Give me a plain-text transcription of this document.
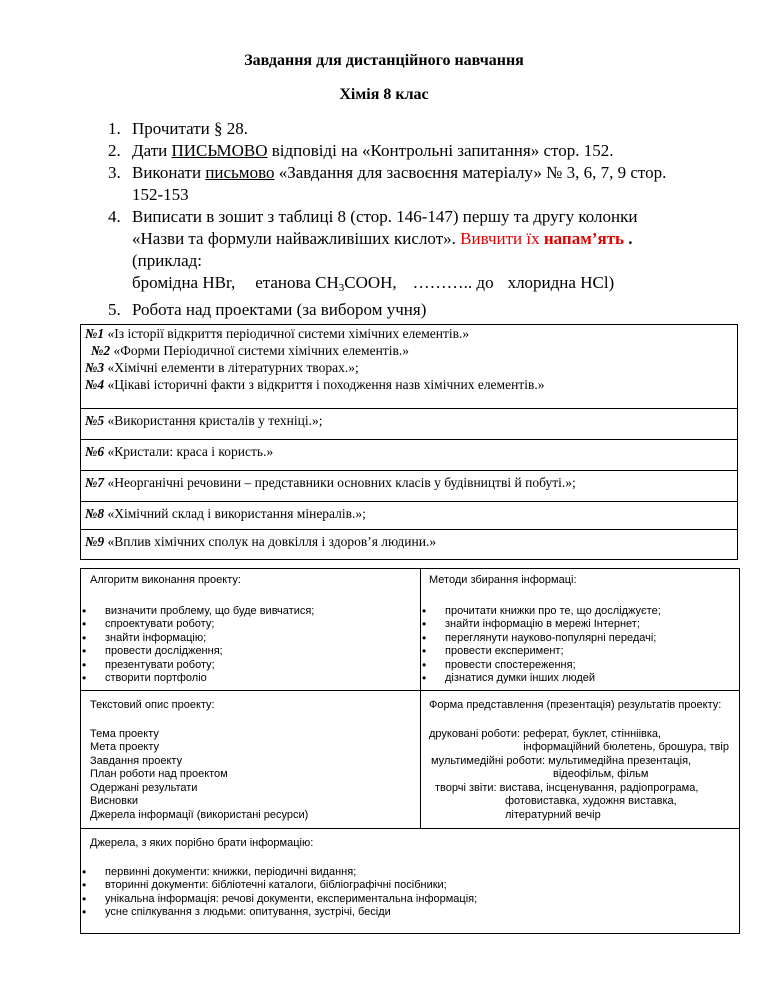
Завдання для дистанційного навчання
Хімія 8 клас
1. Прочитати § 28.
2. Дати ПИСЬМОВО відповіді на «Контрольні запитання» стор. 152.
3. Виконати письмово «Завдання для засвоєння матеріалу» № 3, 6, 7, 9 стор.
152-153
4. Виписати в зошит з таблиці 8 (стор. 146-147) першу та другу колонки
«Назви та формули найважливіших кислот». Вивчити їх напам’ять .
(приклад:
бромідна HBr, етанова $CH_3COOH$, ……….. до хлоридна HCl)
5. Робота над проектами (за вибором учня)
№1 «Із історії відкриття періодичної системи хімічних елементів.»
№2 «Форми Періодичної системи хімічних елементів.»
№3 «Хімічні елементи в літературних творах.»;
№4 «Цікаві історичні факти з відкриття і походження назв хімічних елементів.»
№5 «Використання кристалів у техніці.»;
№6 «Кристали: краса і користь.»
№7 «Неорганічні речовини – представники основних класів у будівництві й побуті.»;
№8 «Хімічний склад і використання мінералів.»;
№9 «Вплив хімічних сполук на довкілля і здоров’я людини.»
Алгоритм виконання проекту:
• визначити проблему, що буде вивчатися;
• спроектувати роботу;
• знайти інформацію;
• провести дослідження;
• презентувати роботу;
• створити портфоліо
Методи збирання інформаці:
• прочитати книжки про те, що досліджуєте;
• знайти інформацію в мережі Інтернет;
• переглянути науково-популярні передачі;
• провести експеримент;
• провести спостереження;
• дізнатися думки інших людей
Текстовий опис проекту:
Тема проекту
Мета проекту
Завдання проекту
План роботи над проектом
Одержані результати
Висновки
Джерела інформації (використані ресурси)
Форма представлення (презентація) результатів проекту:
друковані роботи: реферат, буклет, стінніівка,
інформаційний бюлетень, брошура, твір
мультимедійні роботи: мультимедійна презентація,
відеофільм, фільм
творчі звіти: вистава, інсценування, радіопрограма,
фотовиставка, художня виставка,
літературний вечір
Джерела, з яких порібно брати інформацію:
• первинні документи: книжки, періодичні видання;
• вторинні документи: бібліотечні каталоги, бібліографічні посібники;
• унікальна інформація: речові документи, експериментальна інформація;
• усне спілкування з людьми: опитування, зустрічі, бесіди
